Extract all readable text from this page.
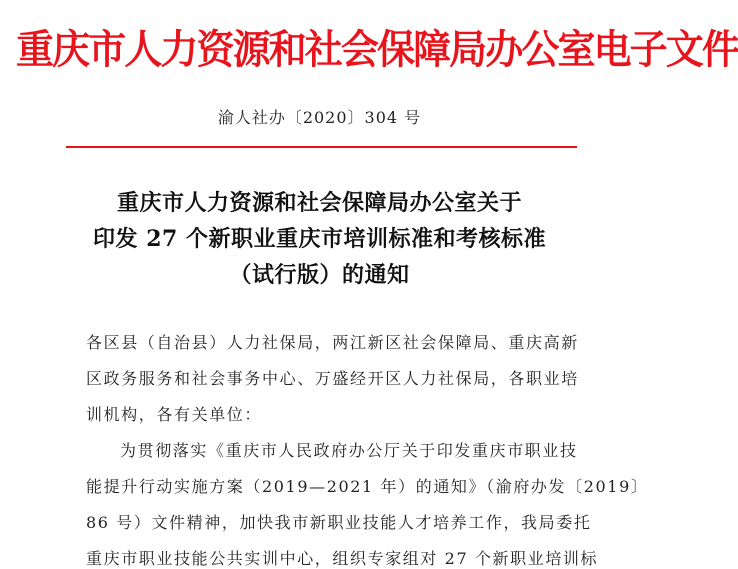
重庆市人力资源和社会保障局办公室电子文件
渝人社办〔2020〕304 号
重庆市人力资源和社会保障局办公室关于
印发 27 个新职业重庆市培训标准和考核标准
（试行版）的通知
各区县（自治县）人力社保局，两江新区社会保障局、重庆高新
区政务服务和社会事务中心、万盛经开区人力社保局，各职业培
训机构，各有关单位：
为贯彻落实《重庆市人民政府办公厅关于印发重庆市职业技
能提升行动实施方案（2019—2021 年）的通知》（渝府办发〔2019〕
86 号）文件精神，加快我市新职业技能人才培养工作，我局委托
重庆市职业技能公共实训中心，组织专家组对 27 个新职业培训标
